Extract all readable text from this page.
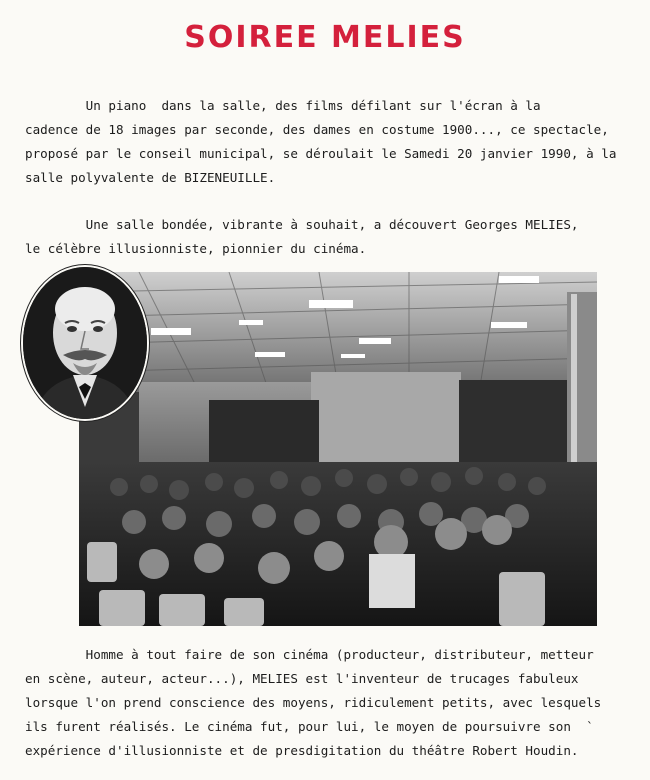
SOIREE MELIES
Un piano  dans la salle, des films défilant sur l'écran à la
cadence de 18 images par seconde, des dames en costume 1900..., ce spectacle,
proposé par le conseil municipal, se déroulait le Samedi 20 janvier 1990, à la
salle polyvalente de BIZENEUILLE.
Une salle bondée, vibrante à souhait, a découvert Georges MELIES,
le célèbre illusionniste, pionnier du cinéma.
Homme à tout faire de son cinéma (producteur, distributeur, metteur
en scène, auteur, acteur...), MELIES est l'inventeur de trucages fabuleux
lorsque l'on prend conscience des moyens, ridiculement petits, avec lesquels
ils furent réalisés. Le cinéma fut, pour lui, le moyen de poursuivre son  `
expérience d'illusionniste et de presdigitation du théâtre Robert Houdin.
